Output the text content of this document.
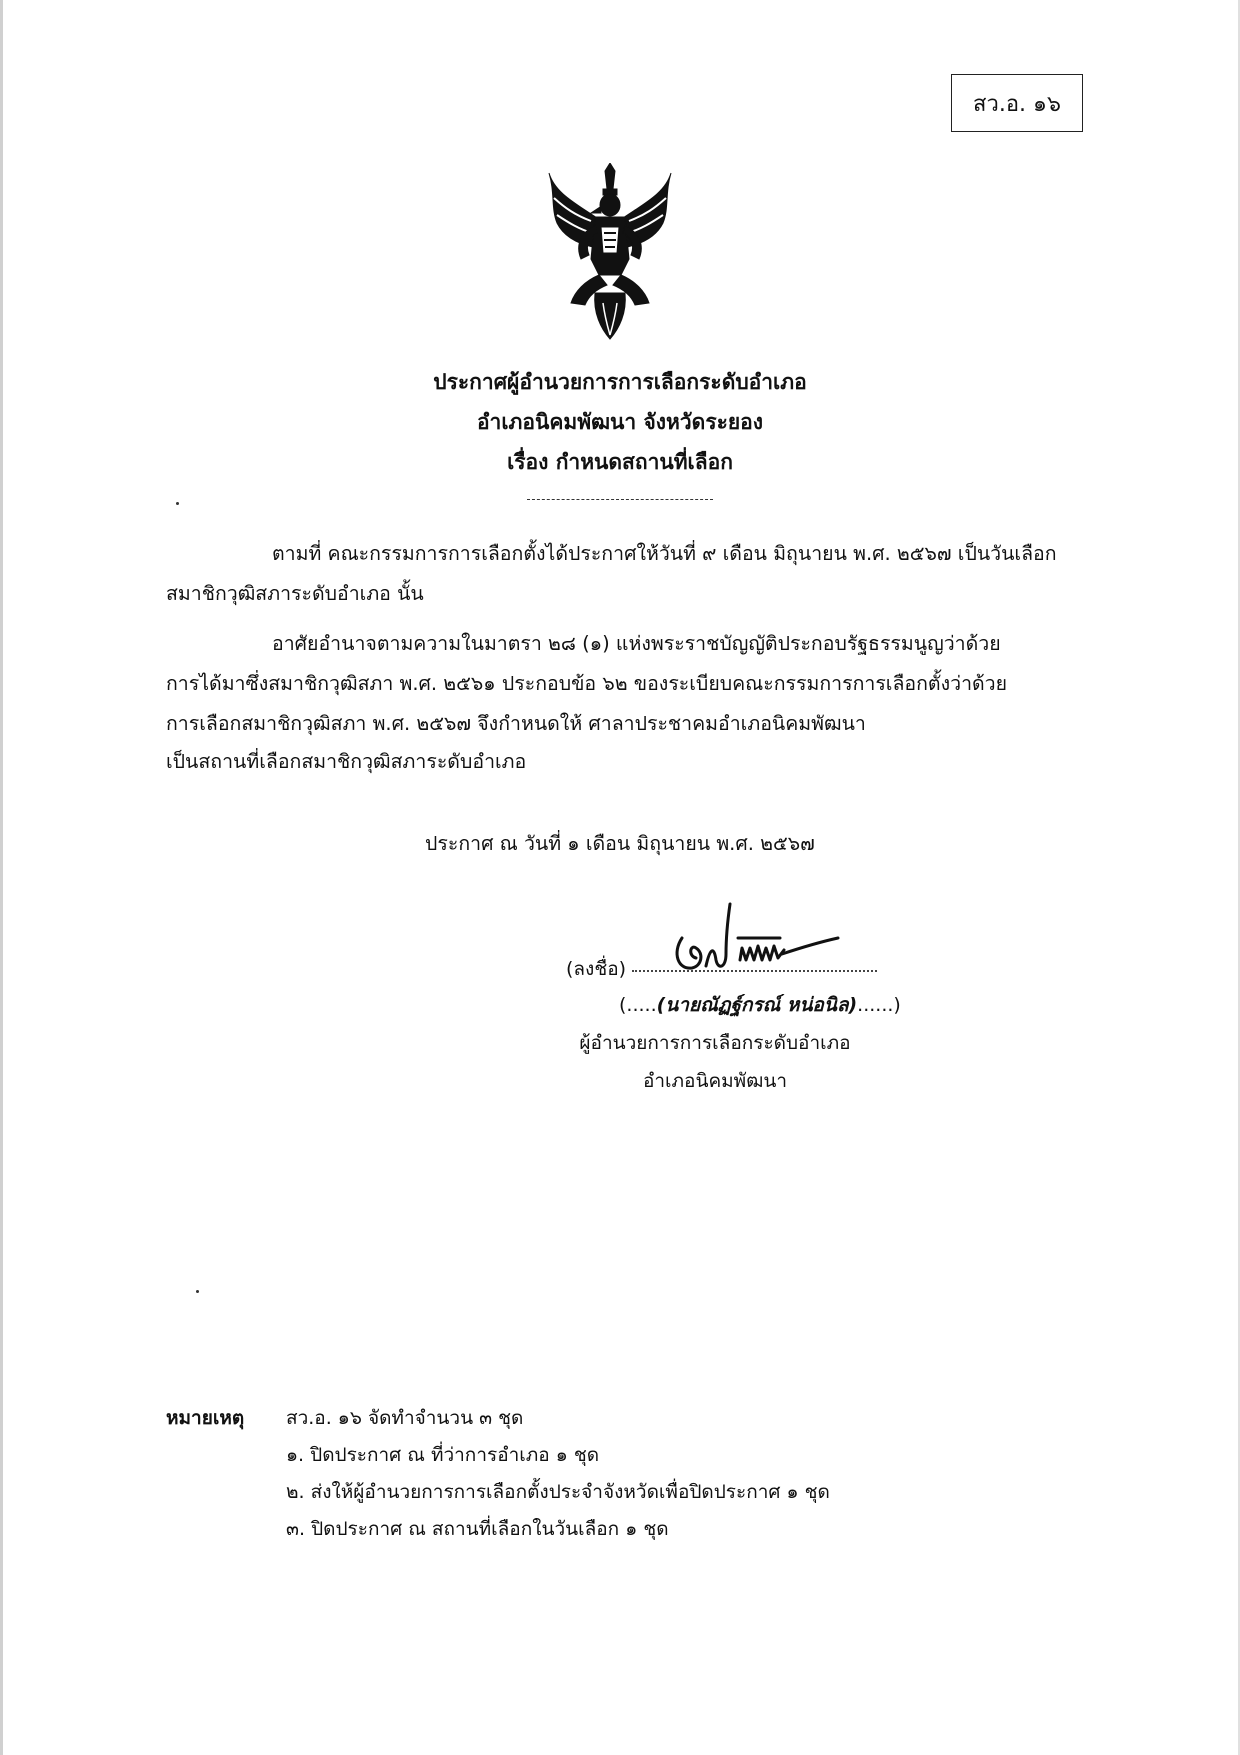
สว.อ. ๑๖
ประกาศผู้อำนวยการการเลือกระดับอำเภอ
อำเภอนิคมพัฒนา จังหวัดระยอง
เรื่อง กำหนดสถานที่เลือก
ตามที่ คณะกรรมการการเลือกตั้งได้ประกาศให้วันที่ ๙ เดือน มิถุนายน พ.ศ. ๒๕๖๗ เป็นวันเลือก
สมาชิกวุฒิสภาระดับอำเภอ นั้น
อาศัยอำนาจตามความในมาตรา ๒๘ (๑) แห่งพระราชบัญญัติประกอบรัฐธรรมนูญว่าด้วย
การได้มาซึ่งสมาชิกวุฒิสภา พ.ศ. ๒๕๖๑ ประกอบข้อ ๖๒ ของระเบียบคณะกรรมการการเลือกตั้งว่าด้วย
การเลือกสมาชิกวุฒิสภา พ.ศ. ๒๕๖๗ จึงกำหนดให้ ศาลาประชาคมอำเภอนิคมพัฒนา
เป็นสถานที่เลือกสมาชิกวุฒิสภาระดับอำเภอ
ประกาศ ณ วันที่ ๑ เดือน มิถุนายน พ.ศ. ๒๕๖๗
(ลงชื่อ)
(.....(นายณัฏฐ์กรณ์ หน่อนิล)......)
ผู้อำนวยการการเลือกระดับอำเภอ
อำเภอนิคมพัฒนา
หมายเหตุ สว.อ. ๑๖ จัดทำจำนวน ๓ ชุด
๑. ปิดประกาศ ณ ที่ว่าการอำเภอ ๑ ชุด
๒. ส่งให้ผู้อำนวยการการเลือกตั้งประจำจังหวัดเพื่อปิดประกาศ ๑ ชุด
๓. ปิดประกาศ ณ สถานที่เลือกในวันเลือก ๑ ชุด
